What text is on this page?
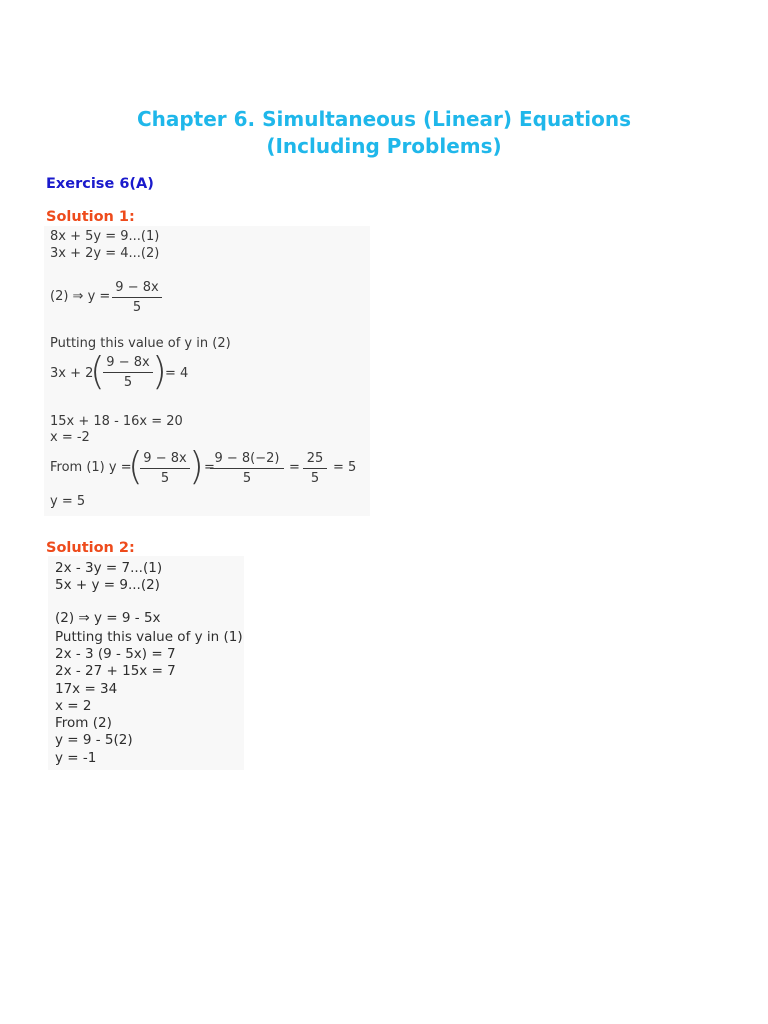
Chapter 6. Simultaneous (Linear) Equations
(Including Problems)
Exercise 6(A)
Solution 1:
8x + 5y = 9...(1)
3x + 2y = 4...(2)
(2) ⇒ y =
9 − 8x
5
Putting this value of y in (2)
3x + 2
( 9 − 8x
5 )
= 4
15x + 18 - 16x = 20
x = -2
From (1) y =
( 9 − 8x
5 ) =
9 − 8(−2)
5
=
25
5
= 5
y = 5
Solution 2:
2x - 3y = 7...(1)
5x + y = 9...(2)
(2) ⇒ y = 9 - 5x
Putting this value of y in (1)
2x - 3 (9 - 5x) = 7
2x - 27 + 15x = 7
17x = 34
x = 2
From (2)
y = 9 - 5(2)
y = -1
